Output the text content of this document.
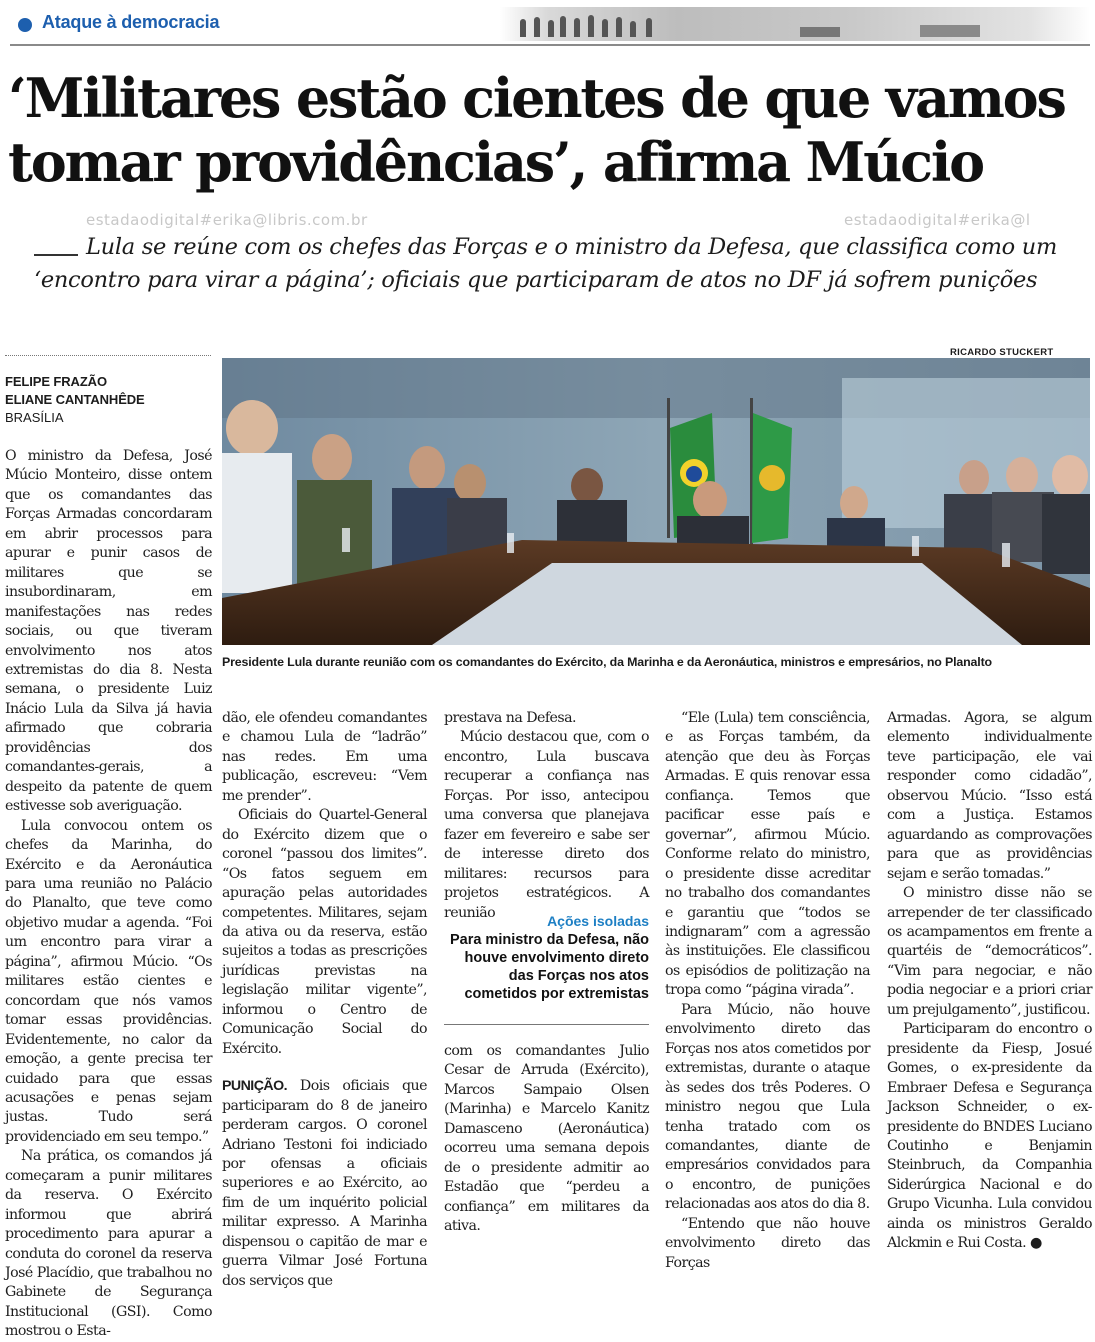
Ataque à democracia
‘Militares estão cientes de que vamos tomar providências’, afirma Múcio
estadaodigital#erika@libris.com.br	estadaodigital#erika@l
Lula se reúne com os chefes das Forças e o ministro da Defesa, que classifica como um ‘encontro para virar a página’; oficiais que participaram de atos no DF já sofrem punições
FELIPE FRAZÃO
ELIANE CANTANHÊDE
BRASÍLIA
RICARDO STUCKERT
Presidente Lula durante reunião com os comandantes do Exército, da Marinha e da Aeronáutica, ministros e empresários, no Planalto

O ministro da Defesa, José Múcio Monteiro, disse ontem que os comandantes das Forças Armadas concordaram em abrir processos para apurar e punir casos de militares que se insubordinaram, em manifestações nas redes sociais, ou que tiveram envolvimento nos atos extremistas do dia 8. Nesta semana, o presidente Luiz Inácio Lula da Silva já havia afirmado que cobraria providências dos comandantes-gerais, a despeito da patente de quem estivesse sob averiguação.

Lula convocou ontem os chefes da Marinha, do Exército e da Aeronáutica para uma reunião no Palácio do Planalto, que teve como objetivo mudar a agenda. “Foi um encontro para virar a página”, afirmou Múcio. “Os militares estão cientes e concordam que nós vamos tomar essas providências. Evidentemente, no calor da emoção, a gente precisa ter cuidado para que essas acusações e penas sejam justas. Tudo será providenciado em seu tempo.”

Na prática, os comandos já começaram a punir militares da reserva. O Exército informou que abrirá procedimento para apurar a conduta do coronel da reserva José Placídio, que trabalhou no Gabinete de Segurança Institucional (GSI). Como mostrou o Esta-

dão, ele ofendeu comandantes e chamou Lula de “ladrão” nas redes. Em uma publicação, escreveu: “Vem me prender”.

Oficiais do Quartel-General do Exército dizem que o coronel “passou dos limites”. “Os fatos seguem em apuração pelas autoridades competentes. Militares, sejam da ativa ou da reserva, estão sujeitos a todas as prescrições jurídicas previstas na legislação militar vigente”, informou o Centro de Comunicação Social do Exército.

PUNIÇÃO. Dois oficiais que participaram do 8 de janeiro perderam cargos. O coronel Adriano Testoni foi indiciado por ofensas a oficiais superiores e ao Exército, ao fim de um inquérito policial militar expresso. A Marinha dispensou o capitão de mar e guerra Vilmar José Fortuna dos serviços que

prestava na Defesa.

Múcio destacou que, com o encontro, Lula buscava recuperar a confiança nas Forças. Por isso, antecipou uma conversa que planejava fazer em fevereiro e sabe ser de interesse direto dos militares: recursos para projetos estratégicos. A reunião

Ações isoladas
Para ministro da Defesa, não houve envolvimento direto das Forças nos atos cometidos por extremistas

com os comandantes Julio Cesar de Arruda (Exército), Marcos Sampaio Olsen (Marinha) e Marcelo Kanitz Damasceno (Aeronáutica) ocorreu uma semana depois de o presidente admitir ao Estadão que “perdeu a confiança” em militares da ativa.

“Ele (Lula) tem consciência, e as Forças também, da atenção que deu às Forças Armadas. E quis renovar essa confiança. Temos que pacificar esse país e governar”, afirmou Múcio. Conforme relato do ministro, o presidente disse acreditar no trabalho dos comandantes e garantiu que “todos se indignaram” com a agressão às instituições. Ele classificou os episódios de politização na tropa como “página virada”.

Para Múcio, não houve envolvimento direto das Forças nos atos cometidos por extremistas, durante o ataque às sedes dos três Poderes. O ministro negou que Lula tenha tratado com os comandantes, diante de empresários convidados para o encontro, de punições relacionadas aos atos do dia 8.

“Entendo que não houve envolvimento direto das Forças

Armadas. Agora, se algum elemento individualmente teve participação, ele vai responder como cidadão”, observou Múcio. “Isso está com a Justiça. Estamos aguardando as comprovações para que as providências sejam e serão tomadas.”

O ministro disse não se arrepender de ter classificado os acampamentos em frente a quartéis de “democráticos”. “Vim para negociar, e não podia negociar e a priori criar um prejulgamento”, justificou.

Participaram do encontro o presidente da Fiesp, Josué Gomes, o ex-presidente da Embraer Defesa e Segurança Jackson Schneider, o ex-presidente do BNDES Luciano Coutinho e Benjamin Steinbruch, da Companhia Siderúrgica Nacional e do Grupo Vicunha. Lula convidou ainda os ministros Geraldo Alckmin e Rui Costa. ●
